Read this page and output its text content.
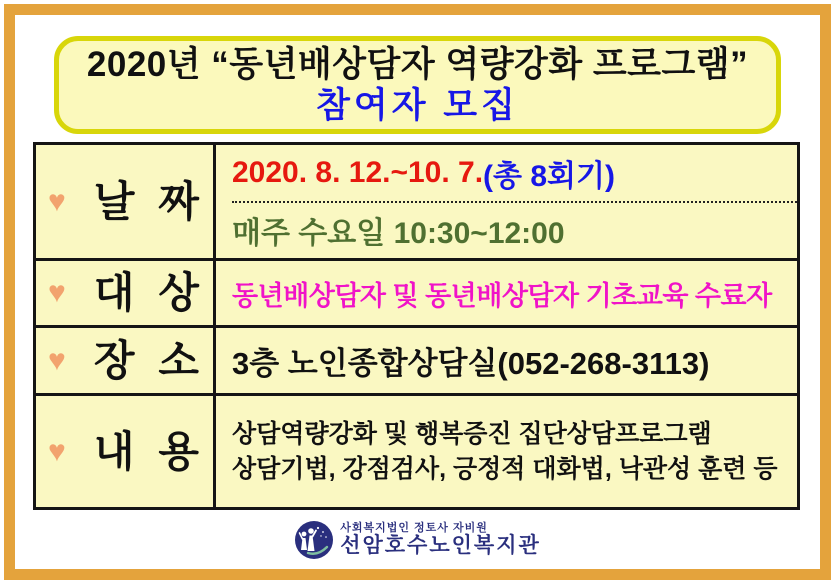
2020년 “동년배상담자 역량강화 프로그램”
참여자 모집
♥ 날 짜
2020. 8. 12.~10. 7. (총 8회기)
매주 수요일 10:30~12:00
♥ 대 상 동년배상담자 및 동년배상담자 기초교육 수료자
♥ 장 소 3층 노인종합상담실(052-268-3113)
♥ 내 용 상담역량강화 및 행복증진 집단상담프로그램
상담기법, 강점검사, 긍정적 대화법, 낙관성 훈련 등
사회복지법인 정토사 자비원
선암호수노인복지관
